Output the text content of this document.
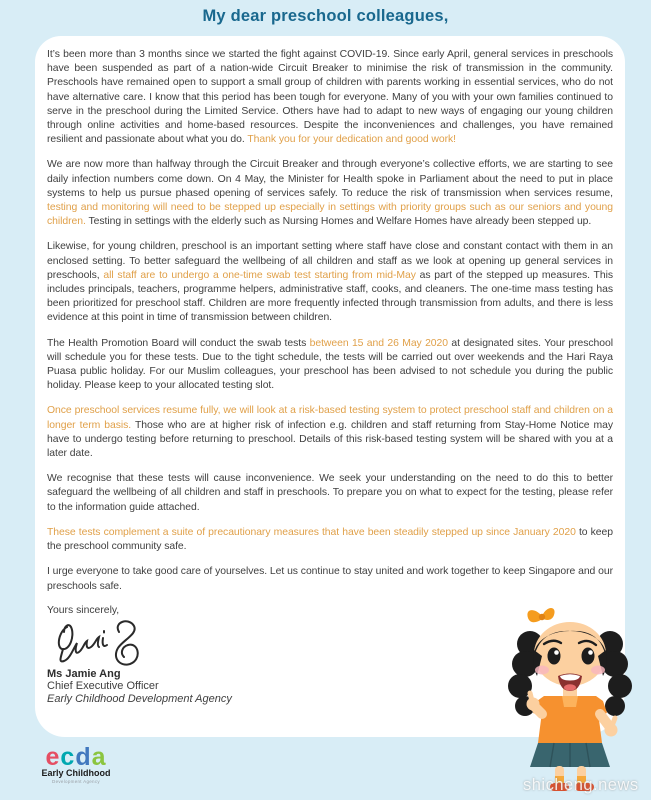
My dear preschool colleagues,

It’s been more than 3 months since we started the fight against COVID-19. Since early April, general services in preschools have been suspended as part of a nation-wide Circuit Breaker to minimise the risk of transmission in the community. Preschools have remained open to support a small group of children with parents working in essential services, who do not have alternative care. I know that this period has been tough for everyone. Many of you with your own families continued to serve in the preschool during the Limited Service. Others have had to adapt to new ways of engaging our young children through online activities and home-based resources. Despite the inconveniences and challenges, you have remained resilient and passionate about what you do. Thank you for your dedication and good work!

We are now more than halfway through the Circuit Breaker and through everyone’s collective efforts, we are starting to see daily infection numbers come down. On 4 May, the Minister for Health spoke in Parliament about the need to put in place systems to help us pursue phased opening of services safely. To reduce the risk of transmission when services resume, testing and monitoring will need to be stepped up especially in settings with priority groups such as our seniors and young children. Testing in settings with the elderly such as Nursing Homes and Welfare Homes have already been stepped up.

Likewise, for young children, preschool is an important setting where staff have close and constant contact with them in an enclosed setting. To better safeguard the wellbeing of all children and staff as we look at opening up general services in preschools, all staff are to undergo a one-time swab test starting from mid-May as part of the stepped up measures. This includes principals, teachers, programme helpers, administrative staff, cooks, and cleaners. The one-time mass testing has been prioritized for preschool staff. Children are more frequently infected through transmission from adults, and there is less evidence at this point in time of transmission between children.

The Health Promotion Board will conduct the swab tests between 15 and 26 May 2020 at designated sites. Your preschool will schedule you for these tests. Due to the tight schedule, the tests will be carried out over weekends and the Hari Raya Puasa public holiday. For our Muslim colleagues, your preschool has been advised to not schedule you during the public holiday. Please keep to your allocated testing slot.

Once preschool services resume fully, we will look at a risk-based testing system to protect preschool staff and children on a longer term basis. Those who are at higher risk of infection e.g. children and staff returning from Stay-Home Notice may have to undergo testing before returning to preschool. Details of this risk-based testing system will be shared with you at a later date.

We recognise that these tests will cause inconvenience. We seek your understanding on the need to do this to better safeguard the wellbeing of all children and staff in preschools. To prepare you on what to expect for the testing, please refer to the information guide attached.

These tests complement a suite of precautionary measures that have been steadily stepped up since January 2020 to keep the preschool community safe.

I urge everyone to take good care of yourselves. Let us continue to stay united and work together to keep Singapore and our preschools safe.

Yours sincerely,
Ms Jamie Ang
Chief Executive Officer
Early Childhood Development Agency
ecda
Early Childhood
Development Agency	shicheng.news
